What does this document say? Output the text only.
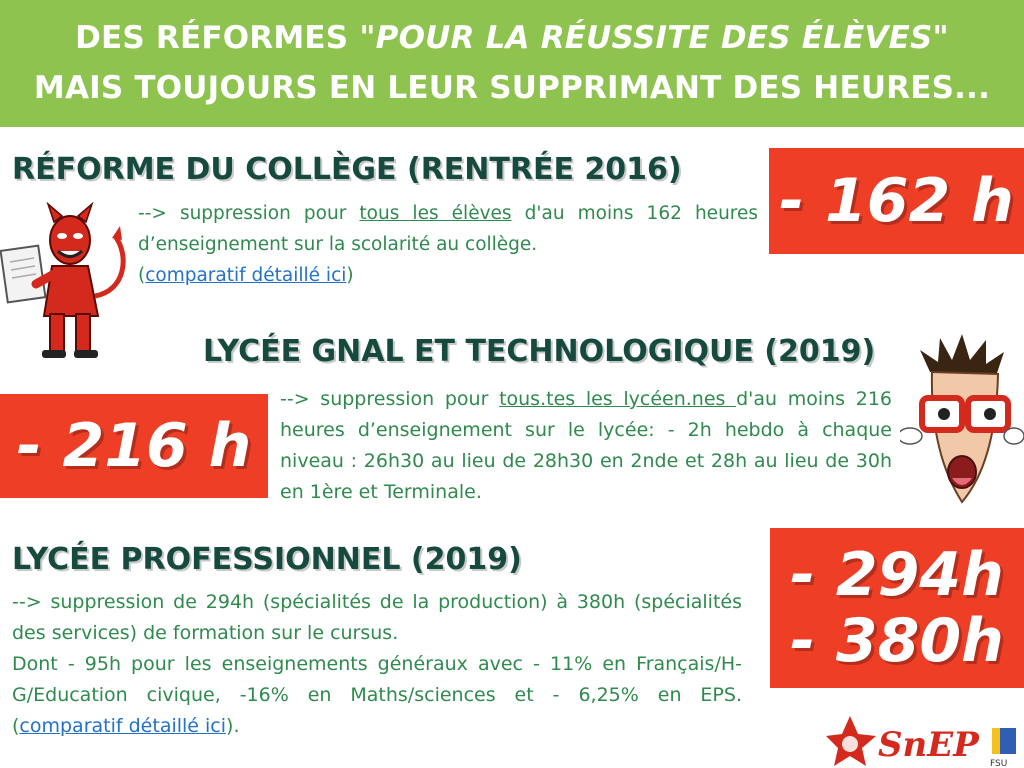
DES RÉFORMES "POUR LA RÉUSSITE DES ÉLÈVES"
MAIS TOUJOURS EN LEUR SUPPRIMANT DES HEURES...
RÉFORME DU COLLÈGE (RENTRÉE 2016)
--> suppression pour tous les élèves d'au moins 162 heures d’enseignement sur la scolarité au collège.
(comparatif détaillé ici)
- 162 h
LYCÉE GNAL ET TECHNOLOGIQUE (2019)
- 216 h
--> suppression pour tous.tes les lycéen.nes d'au moins 216 heures d’enseignement sur le lycée: - 2h hebdo à chaque niveau : 26h30 au lieu de 28h30 en 2nde et 28h au lieu de 30h en 1ère et Terminale.
LYCÉE PROFESSIONNEL (2019)	- 294h
- 380h
--> suppression de 294h (spécialités de la production) à 380h (spécialités des services) de formation sur le cursus.
Dont - 95h pour les enseignements généraux avec - 11% en Français/H-G/Education civique, -16% en Maths/sciences et - 6,25% en EPS. (comparatif détaillé ici).	SnEP FSU
